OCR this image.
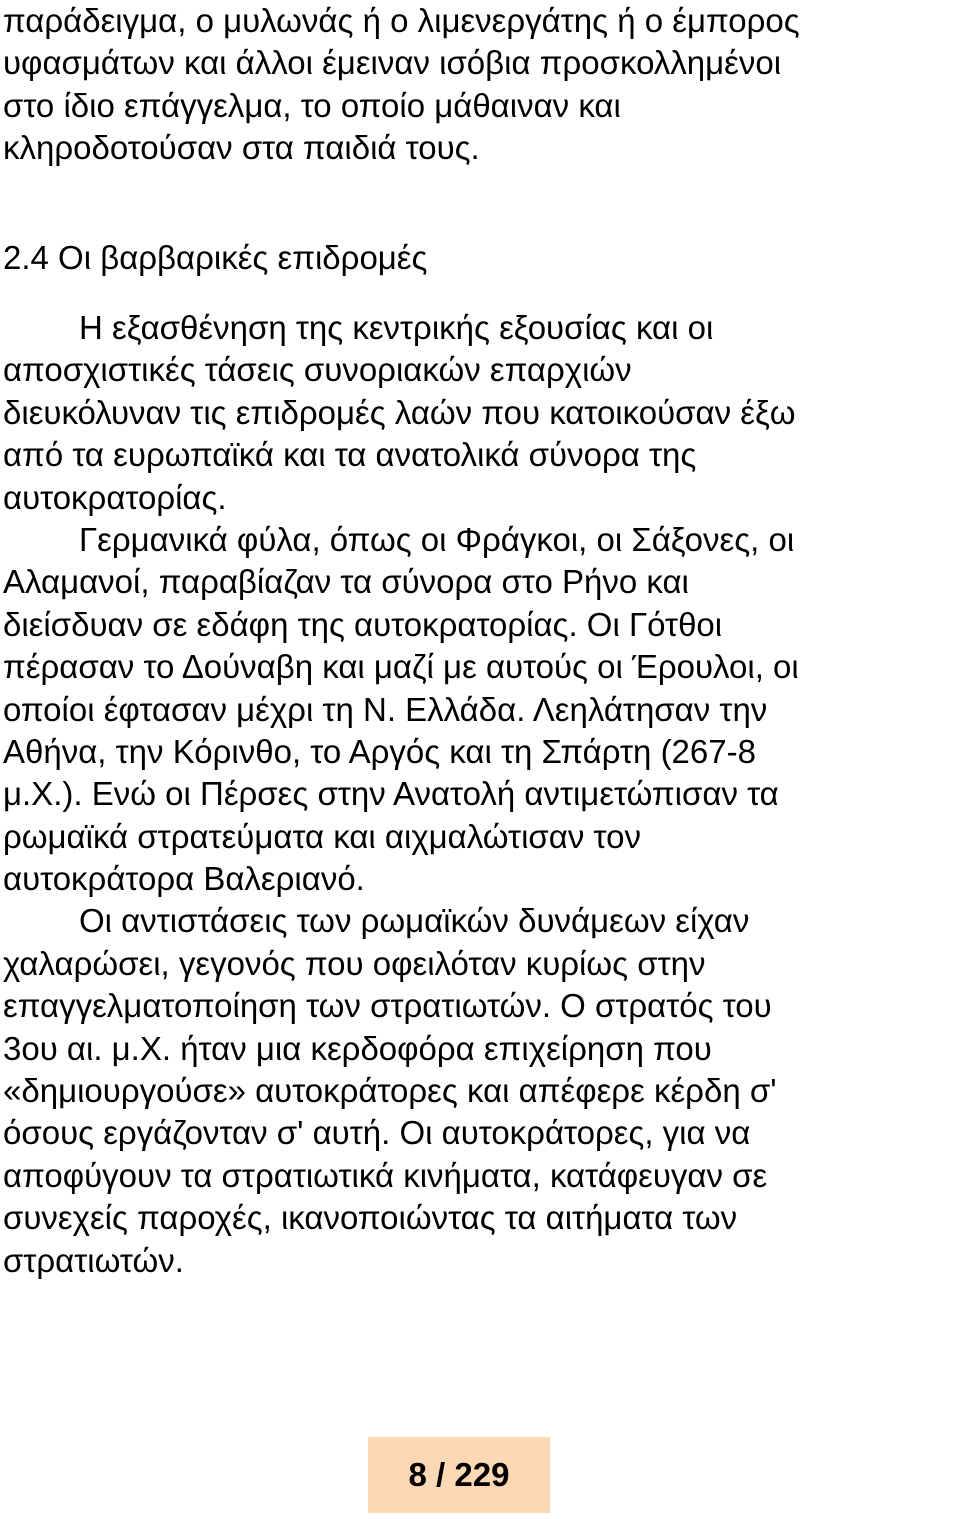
παράδειγμα, ο μυλωνάς ή ο λιμενεργάτης ή ο έμπορος
υφασμάτων και άλλοι έμειναν ισόβια προσκολλημένοι
στο ίδιο επάγγελμα, το οποίο μάθαιναν και
κληροδοτούσαν στα παιδιά τους.
2.4 Οι βαρβαρικές επιδρομές
Η εξασθένηση της κεντρικής εξουσίας και οι
αποσχιστικές τάσεις συνοριακών επαρχιών
διευκόλυναν τις επιδρομές λαών που κατοικούσαν έξω
από τα ευρωπαϊκά και τα ανατολικά σύνορα της
αυτοκρατορίας.
Γερμανικά φύλα, όπως οι Φράγκοι, οι Σάξονες, οι
Αλαμανοί, παραβίαζαν τα σύνορα στο Ρήνο και
διείσδυαν σε εδάφη της αυτοκρατορίας. Οι Γότθοι
πέρασαν το Δούναβη και μαζί με αυτούς οι Έρουλοι, οι
οποίοι έφτασαν μέχρι τη Ν. Ελλάδα. Λεηλάτησαν την
Αθήνα, την Κόρινθο, το Αργός και τη Σπάρτη (267-8
μ.Χ.). Ενώ οι Πέρσες στην Ανατολή αντιμετώπισαν τα
ρωμαϊκά στρατεύματα και αιχμαλώτισαν τον
αυτοκράτορα Βαλεριανό.
Οι αντιστάσεις των ρωμαϊκών δυνάμεων είχαν
χαλαρώσει, γεγονός που οφειλόταν κυρίως στην
επαγγελματοποίηση των στρατιωτών. Ο στρατός του
3ου αι. μ.Χ. ήταν μια κερδοφόρα επιχείρηση που
«δημιουργούσε» αυτοκράτορες και απέφερε κέρδη σ'
όσους εργάζονταν σ' αυτή. Οι αυτοκράτορες, για να
αποφύγουν τα στρατιωτικά κινήματα, κατάφευγαν σε
συνεχείς παροχές, ικανοποιώντας τα αιτήματα των
στρατιωτών.
8 / 229
